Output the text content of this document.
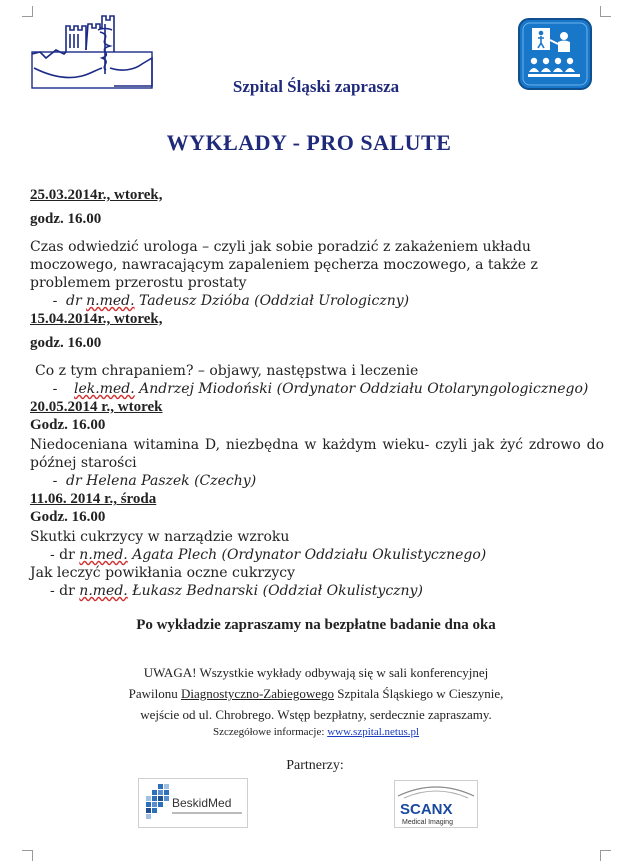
Szpital Śląski zaprasza
WYKŁADY - PRO SALUTE
25.03.2014r., wtorek,
godz. 16.00
Czas odwiedzić urologa – czyli jak sobie poradzić z zakażeniem układu moczowego, nawracającym zapaleniem pęcherza moczowego, a także z problemem przerostu prostaty
- dr n.med. Tadeusz Dzióba (Oddział Urologiczny)
15.04.2014r., wtorek,
godz. 16.00
Co z tym chrapaniem? – objawy, następstwa i leczenie
- lek.med. Andrzej Miodoński (Ordynator Oddziału Otolaryngologicznego)
20.05.2014 r., wtorek
Godz. 16.00
Niedoceniana witamina D, niezbędna w każdym wieku- czyli jak żyć zdrowo do późnej starości
- dr Helena Paszek (Czechy)
11.06. 2014 r., środa
Godz. 16.00
Skutki cukrzycy w narządzie wzroku
- dr n.med. Agata Plech (Ordynator Oddziału Okulistycznego)
Jak leczyć powikłania oczne cukrzycy
- dr n.med. Łukasz Bednarski (Oddział Okulistyczny)
Po wykładzie zapraszamy na bezpłatne badanie dna oka
UWAGA! Wszystkie wykłady odbywają się w sali konferencyjnej
Pawilonu Diagnostyczno-Zabiegowego Szpitala Śląskiego w Cieszynie,
wejście od ul. Chrobrego. Wstęp bezpłatny, serdecznie zapraszamy.
Szczegółowe informacje: www.szpital.netus.pl
Partnerzy:
BeskidMed	SCANX
Medical Imaging
